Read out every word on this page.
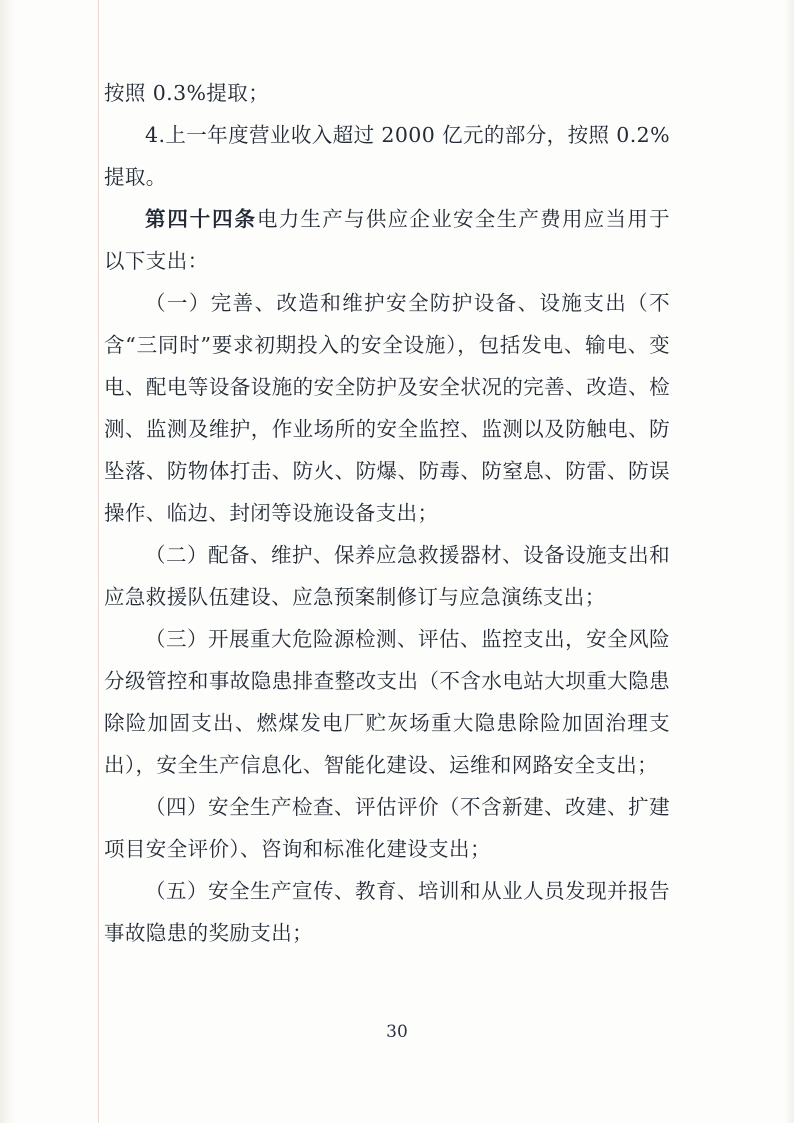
按照 0.3%提取；

4.上一年度营业收入超过 2000 亿元的部分，按照 0.2%提取。

第四十四条电力生产与供应企业安全生产费用应当用于以下支出：

（一）完善、改造和维护安全防护设备、设施支出（不含“三同时”要求初期投入的安全设施），包括发电、输电、变电、配电等设备设施的安全防护及安全状况的完善、改造、检测、监测及维护，作业场所的安全监控、监测以及防触电、防坠落、防物体打击、防火、防爆、防毒、防窒息、防雷、防误操作、临边、封闭等设施设备支出；

（二）配备、维护、保养应急救援器材、设备设施支出和应急救援队伍建设、应急预案制修订与应急演练支出；

（三）开展重大危险源检测、评估、监控支出，安全风险分级管控和事故隐患排查整改支出（不含水电站大坝重大隐患除险加固支出、燃煤发电厂贮灰场重大隐患除险加固治理支出），安全生产信息化、智能化建设、运维和网路安全支出；

（四）安全生产检查、评估评价（不含新建、改建、扩建项目安全评价）、咨询和标准化建设支出；

（五）安全生产宣传、教育、培训和从业人员发现并报告事故隐患的奖励支出；

30
